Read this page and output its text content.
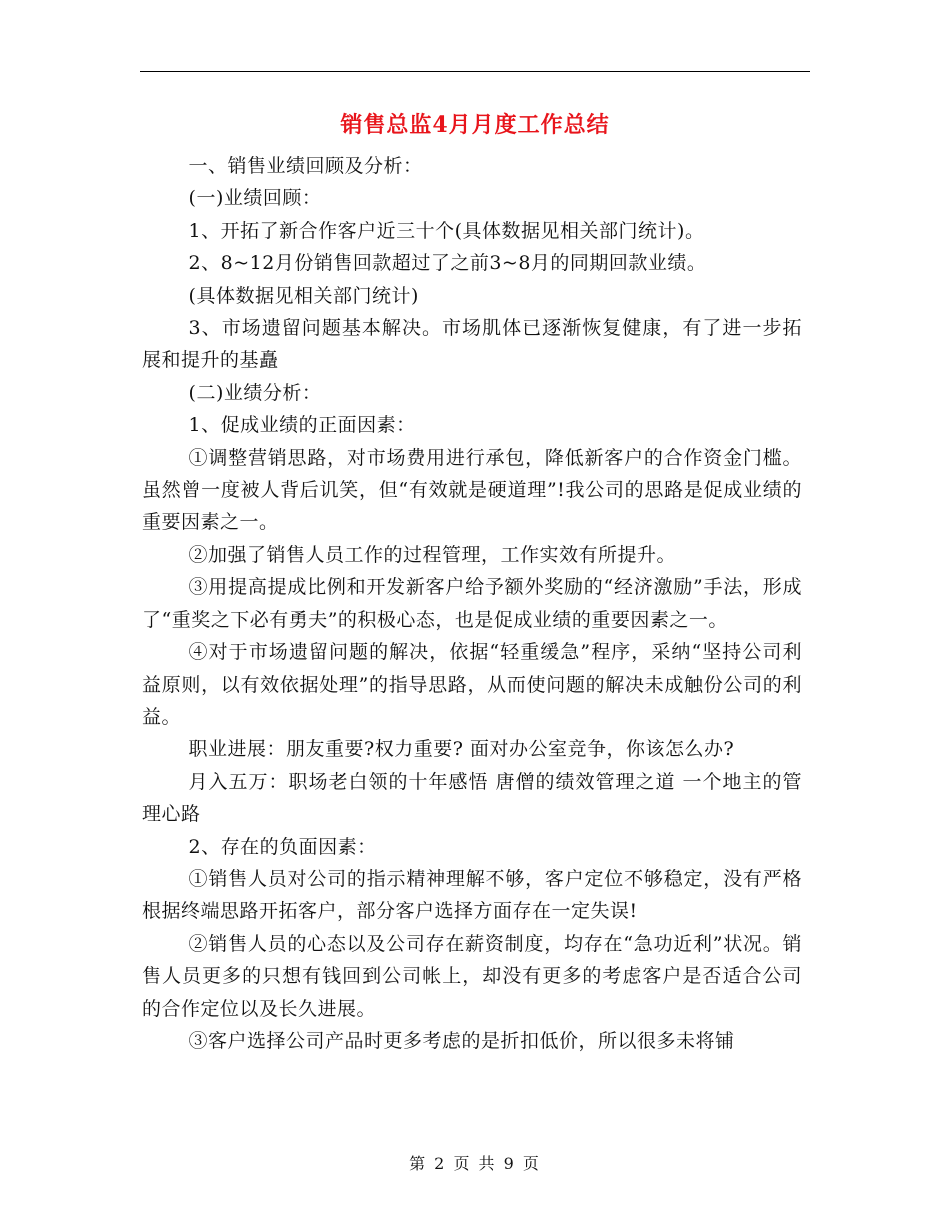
销售总监4月月度工作总结

一、销售业绩回顾及分析：

(一)业绩回顾：

1、开拓了新合作客户近三十个(具体数据见相关部门统计)。

2、8~12月份销售回款超过了之前3~8月的同期回款业绩。

(具体数据见相关部门统计)

3、市场遗留问题基本解决。市场肌体已逐渐恢复健康，有了进一步拓展和提升的基矗

(二)业绩分析：

1、促成业绩的正面因素：

①调整营销思路，对市场费用进行承包，降低新客户的合作资金门槛。虽然曾一度被人背后讥笑，但“有效就是硬道理”!我公司的思路是促成业绩的重要因素之一。

②加强了销售人员工作的过程管理，工作实效有所提升。

③用提高提成比例和开发新客户给予额外奖励的“经济激励”手法，形成了“重奖之下必有勇夫”的积极心态，也是促成业绩的重要因素之一。

④对于市场遗留问题的解决，依据“轻重缓急”程序，采纳“坚持公司利益原则，以有效依据处理”的指导思路，从而使问题的解决未成触份公司的利益。

职业进展：朋友重要?权力重要? 面对办公室竞争，你该怎么办?

月入五万：职场老白领的十年感悟 唐僧的绩效管理之道 一个地主的管理心路

2、存在的负面因素：

①销售人员对公司的指示精神理解不够，客户定位不够稳定，没有严格根据终端思路开拓客户，部分客户选择方面存在一定失误!

②销售人员的心态以及公司存在薪资制度，均存在“急功近利”状况。销售人员更多的只想有钱回到公司帐上，却没有更多的考虑客户是否适合公司的合作定位以及长久进展。

③客户选择公司产品时更多考虑的是折扣低价，所以很多未将铺

第 2 页 共 9 页
